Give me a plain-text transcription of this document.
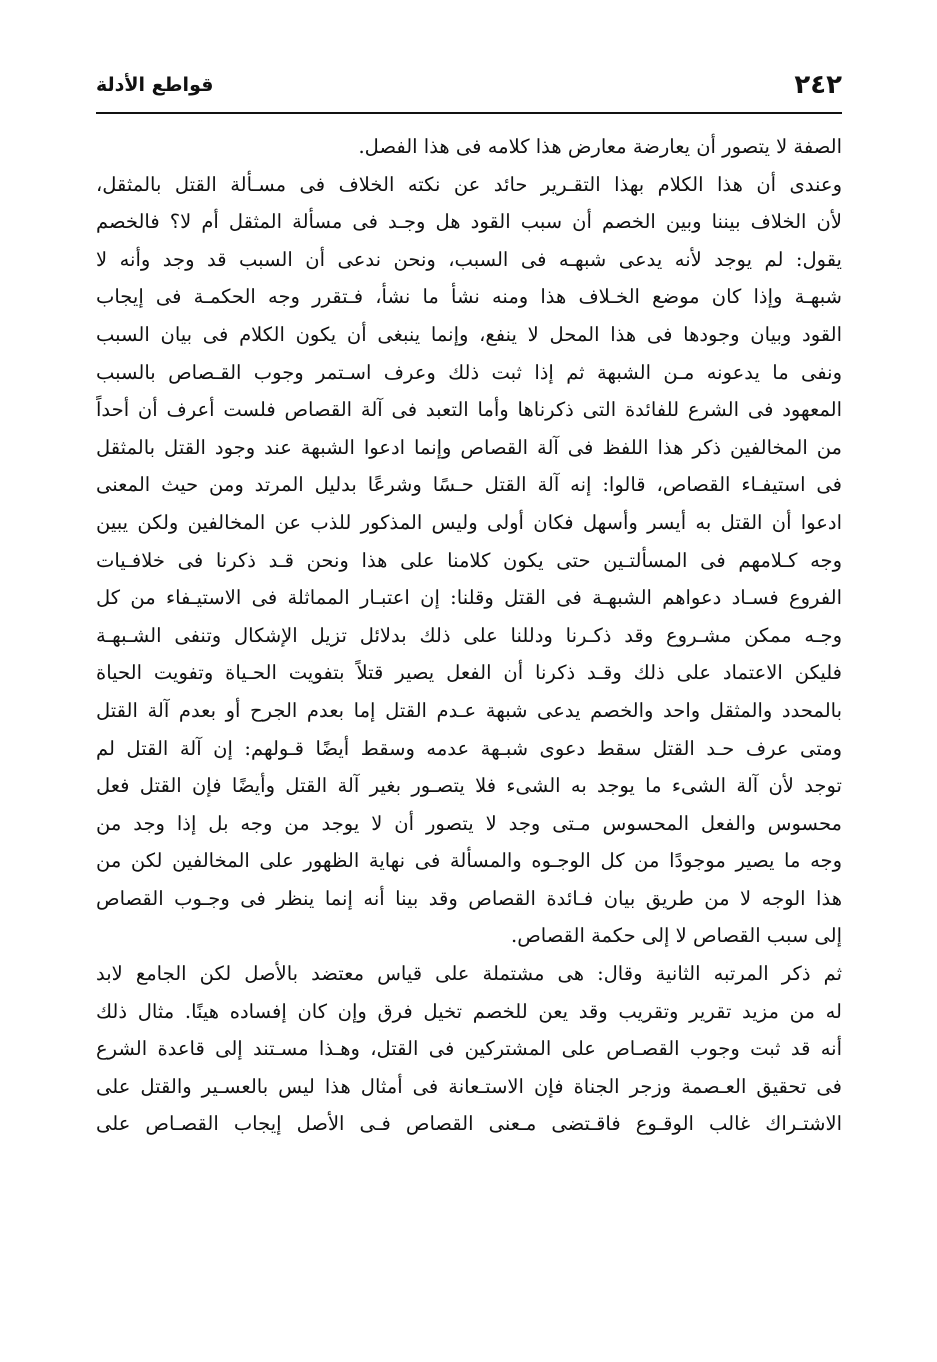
٢٤٢
قواطع الأدلة
الصفة لا يتصور أن يعارضة معارض هذا كلامه فى هذا الفصل.
وعندى أن هذا الكلام بهذا التقـرير حائد عن نكته الخلاف فى مسـألة القتل بالمثقل،
لأن الخلاف بيننا وبين الخصم أن سبب القود هل وجـد فى مسألة المثقل أم لا؟ فالخصم
يقول: لم يوجد لأنه يدعى شبهـه فى السبب، ونحن ندعى أن السبب قد وجد وأنه لا
شبهـة وإذا كان موضع الخـلاف هذا ومنه نشأ ما نشأ، فـتقرر وجه الحكمـة فى إيجاب
القود وبيان وجودها فى هذا المحل لا ينفع، وإنما ينبغى أن يكون الكلام فى بيان السبب
ونفى ما يدعونه مـن الشبهة ثم إذا ثبت ذلك وعرف اسـتمر وجوب القـصاص بالسبب
المعهود فى الشرع للفائدة التى ذكرناها وأما التعبد فى آلة القصاص فلست أعرف أن أحداً
من المخالفين ذكر هذا اللفظ فى آلة القصاص وإنما ادعوا الشبهة عند وجود القتل بالمثقل
فى استيفـاء القصاص، قالوا: إنه آلة القتل حـسًا وشرعًا بدليل المرتد ومن حيث المعنى
ادعوا أن القتل به أيسر وأسهل فكان أولى وليس المذكور للذب عن المخالفين ولكن يبين
وجه كـلامهم فى المسألتـين حتى يكون كلامنا على هذا ونحن قـد ذكرنا فى خلافـيات
الفروع فسـاد دعواهم الشبهـة فى القتل وقلنا: إن اعتبـار المماثلة فى الاستيـفاء من كل
وجـه ممكن مشـروع وقد ذكـرنا ودللنا على ذلك بدلائل تزيل الإشكال وتنفى الشـبهـة
فليكن الاعتماد على ذلك وقـد ذكرنا أن الفعل يصير قتلاً بتفويت الحـياة وتفويت الحياة
بالمحدد والمثقل واحد والخصم يدعى شبهة عـدم القتل إما بعدم الجرح أو بعدم آلة القتل
ومتى عرف حـد القتل سقط دعوى شبـهة عدمه وسقط أيضًا قـولهم: إن آلة القتل لم
توجد لأن آلة الشىء ما يوجد به الشىء فلا يتصـور بغير آلة القتل وأيضًا فإن القتل فعل
محسوس والفعل المحسوس مـتى وجد لا يتصور أن لا يوجد من وجه بل إذا وجد من
وجه ما يصير موجودًا من كل الوجـوه والمسألة فى نهاية الظهور على المخالفين لكن من
هذا الوجه لا من طريق بيان فـائدة القصاص وقد بينا أنه إنما ينظر فى وجـوب القصاص
إلى سبب القصاص لا إلى حكمة القصاص.
ثم ذكر المرتبه الثانية وقال: هى مشتملة على قياس معتضد بالأصل لكن الجامع لابد
له من مزيد تقرير وتقريب وقد يعن للخصم تخيل فرق وإن كان إفساده هينًا. مثال ذلك
أنه قد ثبت وجوب القصـاص على المشتركين فى القتل، وهـذا مسـتند إلى قاعدة الشرع
فى تحقيق العـصمة وزجر الجناة فإن الاستـعانة فى أمثال هذا ليس بالعسـير والقتل على
الاشتـراك غالب الوقـوع فاقـتضى مـعنى القصاص فـى الأصل إيجاب القصـاص على
